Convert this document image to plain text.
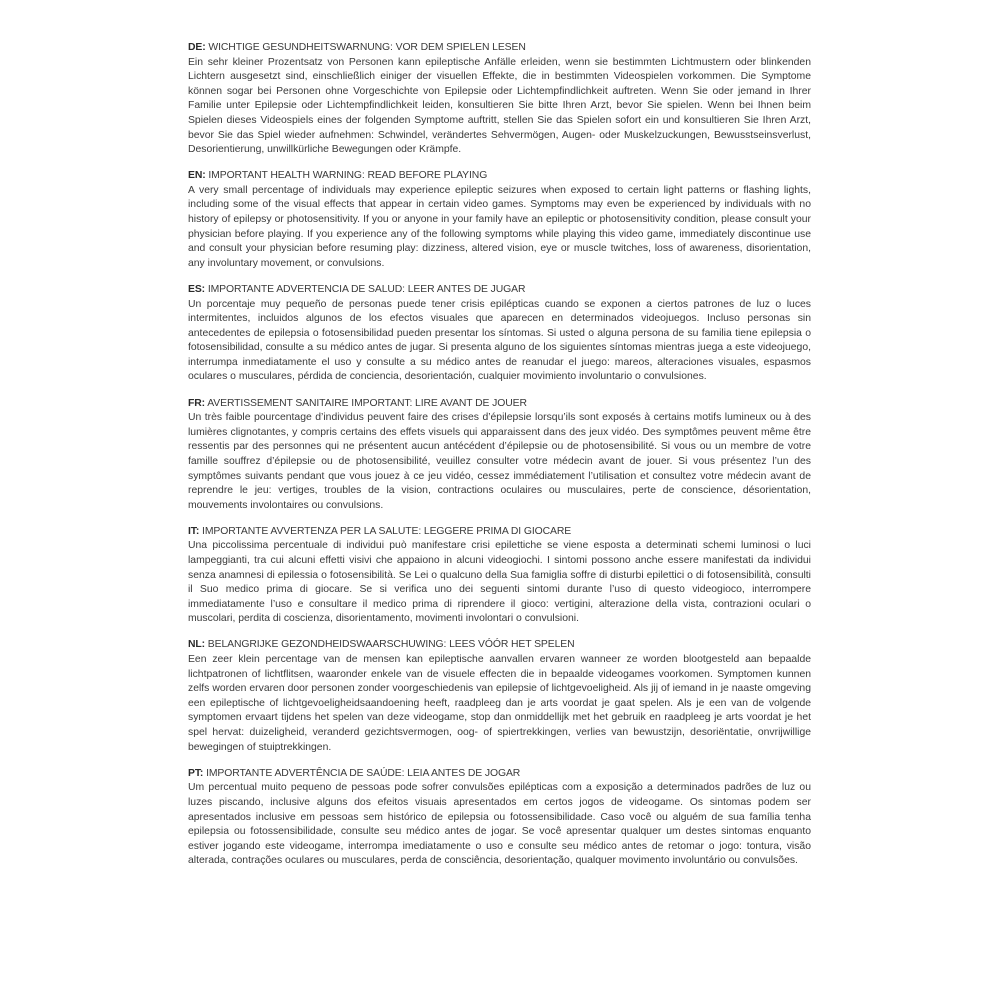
DE: WICHTIGE GESUNDHEITSWARNUNG: VOR DEM SPIELEN LESEN
Ein sehr kleiner Prozentsatz von Personen kann epileptische Anfälle erleiden, wenn sie bestimmten Lichtmustern oder blinkenden Lichtern ausgesetzt sind, einschließlich einiger der visuellen Effekte, die in bestimmten Videospielen vorkommen. Die Symptome können sogar bei Personen ohne Vorgeschichte von Epilepsie oder Lichtempfindlichkeit auftreten. Wenn Sie oder jemand in Ihrer Familie unter Epilepsie oder Lichtempfindlichkeit leiden, konsultieren Sie bitte Ihren Arzt, bevor Sie spielen. Wenn bei Ihnen beim Spielen dieses Videospiels eines der folgenden Symptome auftritt, stellen Sie das Spielen sofort ein und konsultieren Sie Ihren Arzt, bevor Sie das Spiel wieder aufnehmen: Schwindel, verändertes Sehvermögen, Augen- oder Muskelzuckungen, Bewusstseinsverlust, Desorientierung, unwillkürliche Bewegungen oder Krämpfe.
EN: IMPORTANT HEALTH WARNING: READ BEFORE PLAYING
A very small percentage of individuals may experience epileptic seizures when exposed to certain light patterns or flashing lights, including some of the visual effects that appear in certain video games. Symptoms may even be experienced by individuals with no history of epilepsy or photosensitivity. If you or anyone in your family have an epileptic or photosensitivity condition, please consult your physician before playing. If you experience any of the following symptoms while playing this video game, immediately discontinue use and consult your physician before resuming play: dizziness, altered vision, eye or muscle twitches, loss of awareness, disorientation, any involuntary movement, or convulsions.
ES: IMPORTANTE ADVERTENCIA DE SALUD: LEER ANTES DE JUGAR
Un porcentaje muy pequeño de personas puede tener crisis epilépticas cuando se exponen a ciertos patrones de luz o luces intermitentes, incluidos algunos de los efectos visuales que aparecen en determinados videojuegos. Incluso personas sin antecedentes de epilepsia o fotosensibilidad pueden presentar los síntomas. Si usted o alguna persona de su familia tiene epilepsia o fotosensibilidad, consulte a su médico antes de jugar. Si presenta alguno de los siguientes síntomas mientras juega a este videojuego, interrumpa inmediatamente el uso y consulte a su médico antes de reanudar el juego: mareos, alteraciones visuales, espasmos oculares o musculares, pérdida de conciencia, desorientación, cualquier movimiento involuntario o convulsiones.
FR: AVERTISSEMENT SANITAIRE IMPORTANT: LIRE AVANT DE JOUER
Un très faible pourcentage d’individus peuvent faire des crises d’épilepsie lorsqu’ils sont exposés à certains motifs lumineux ou à des lumières clignotantes, y compris certains des effets visuels qui apparaissent dans des jeux vidéo. Des symptômes peuvent même être ressentis par des personnes qui ne présentent aucun antécédent d’épilepsie ou de photosensibilité. Si vous ou un membre de votre famille souffrez d’épilepsie ou de photosensibilité, veuillez consulter votre médecin avant de jouer. Si vous présentez l’un des symptômes suivants pendant que vous jouez à ce jeu vidéo, cessez immédiatement l’utilisation et consultez votre médecin avant de reprendre le jeu: vertiges, troubles de la vision, contractions oculaires ou musculaires, perte de conscience, désorientation, mouvements involontaires ou convulsions.
IT: IMPORTANTE AVVERTENZA PER LA SALUTE: LEGGERE PRIMA DI GIOCARE
Una piccolissima percentuale di individui può manifestare crisi epilettiche se viene esposta a determinati schemi luminosi o luci lampeggianti, tra cui alcuni effetti visivi che appaiono in alcuni videogiochi. I sintomi possono anche essere manifestati da individui senza anamnesi di epilessia o fotosensibilità. Se Lei o qualcuno della Sua famiglia soffre di disturbi epilettici o di fotosensibilità, consulti il Suo medico prima di giocare. Se si verifica uno dei seguenti sintomi durante l’uso di questo videogioco, interrompere immediatamente l’uso e consultare il medico prima di riprendere il gioco: vertigini, alterazione della vista, contrazioni oculari o muscolari, perdita di coscienza, disorientamento, movimenti involontari o convulsioni.
NL: BELANGRIJKE GEZONDHEIDSWAARSCHUWING: LEES VÓÓR HET SPELEN
Een zeer klein percentage van de mensen kan epileptische aanvallen ervaren wanneer ze worden blootgesteld aan bepaalde lichtpatronen of lichtflitsen, waaronder enkele van de visuele effecten die in bepaalde videogames voorkomen. Symptomen kunnen zelfs worden ervaren door personen zonder voorgeschiedenis van epilepsie of lichtgevoeligheid. Als jij of iemand in je naaste omgeving een epileptische of lichtgevoeligheidsaandoening heeft, raadpleeg dan je arts voordat je gaat spelen. Als je een van de volgende symptomen ervaart tijdens het spelen van deze videogame, stop dan onmiddellijk met het gebruik en raadpleeg je arts voordat je het spel hervat: duizeligheid, veranderd gezichtsvermogen, oog- of spiertrekkingen, verlies van bewustzijn, desoriëntatie, onvrijwillige bewegingen of stuiptrekkingen.
PT: IMPORTANTE ADVERTÊNCIA DE SAÚDE: LEIA ANTES DE JOGAR
Um percentual muito pequeno de pessoas pode sofrer convulsões epilépticas com a exposição a determinados padrões de luz ou luzes piscando, inclusive alguns dos efeitos visuais apresentados em certos jogos de videogame. Os sintomas podem ser apresentados inclusive em pessoas sem histórico de epilepsia ou fotossensibilidade. Caso você ou alguém de sua família tenha epilepsia ou fotossensibilidade, consulte seu médico antes de jogar. Se você apresentar qualquer um destes sintomas enquanto estiver jogando este videogame, interrompa imediatamente o uso e consulte seu médico antes de retomar o jogo: tontura, visão alterada, contrações oculares ou musculares, perda de consciência, desorientação, qualquer movimento involuntário ou convulsões.
